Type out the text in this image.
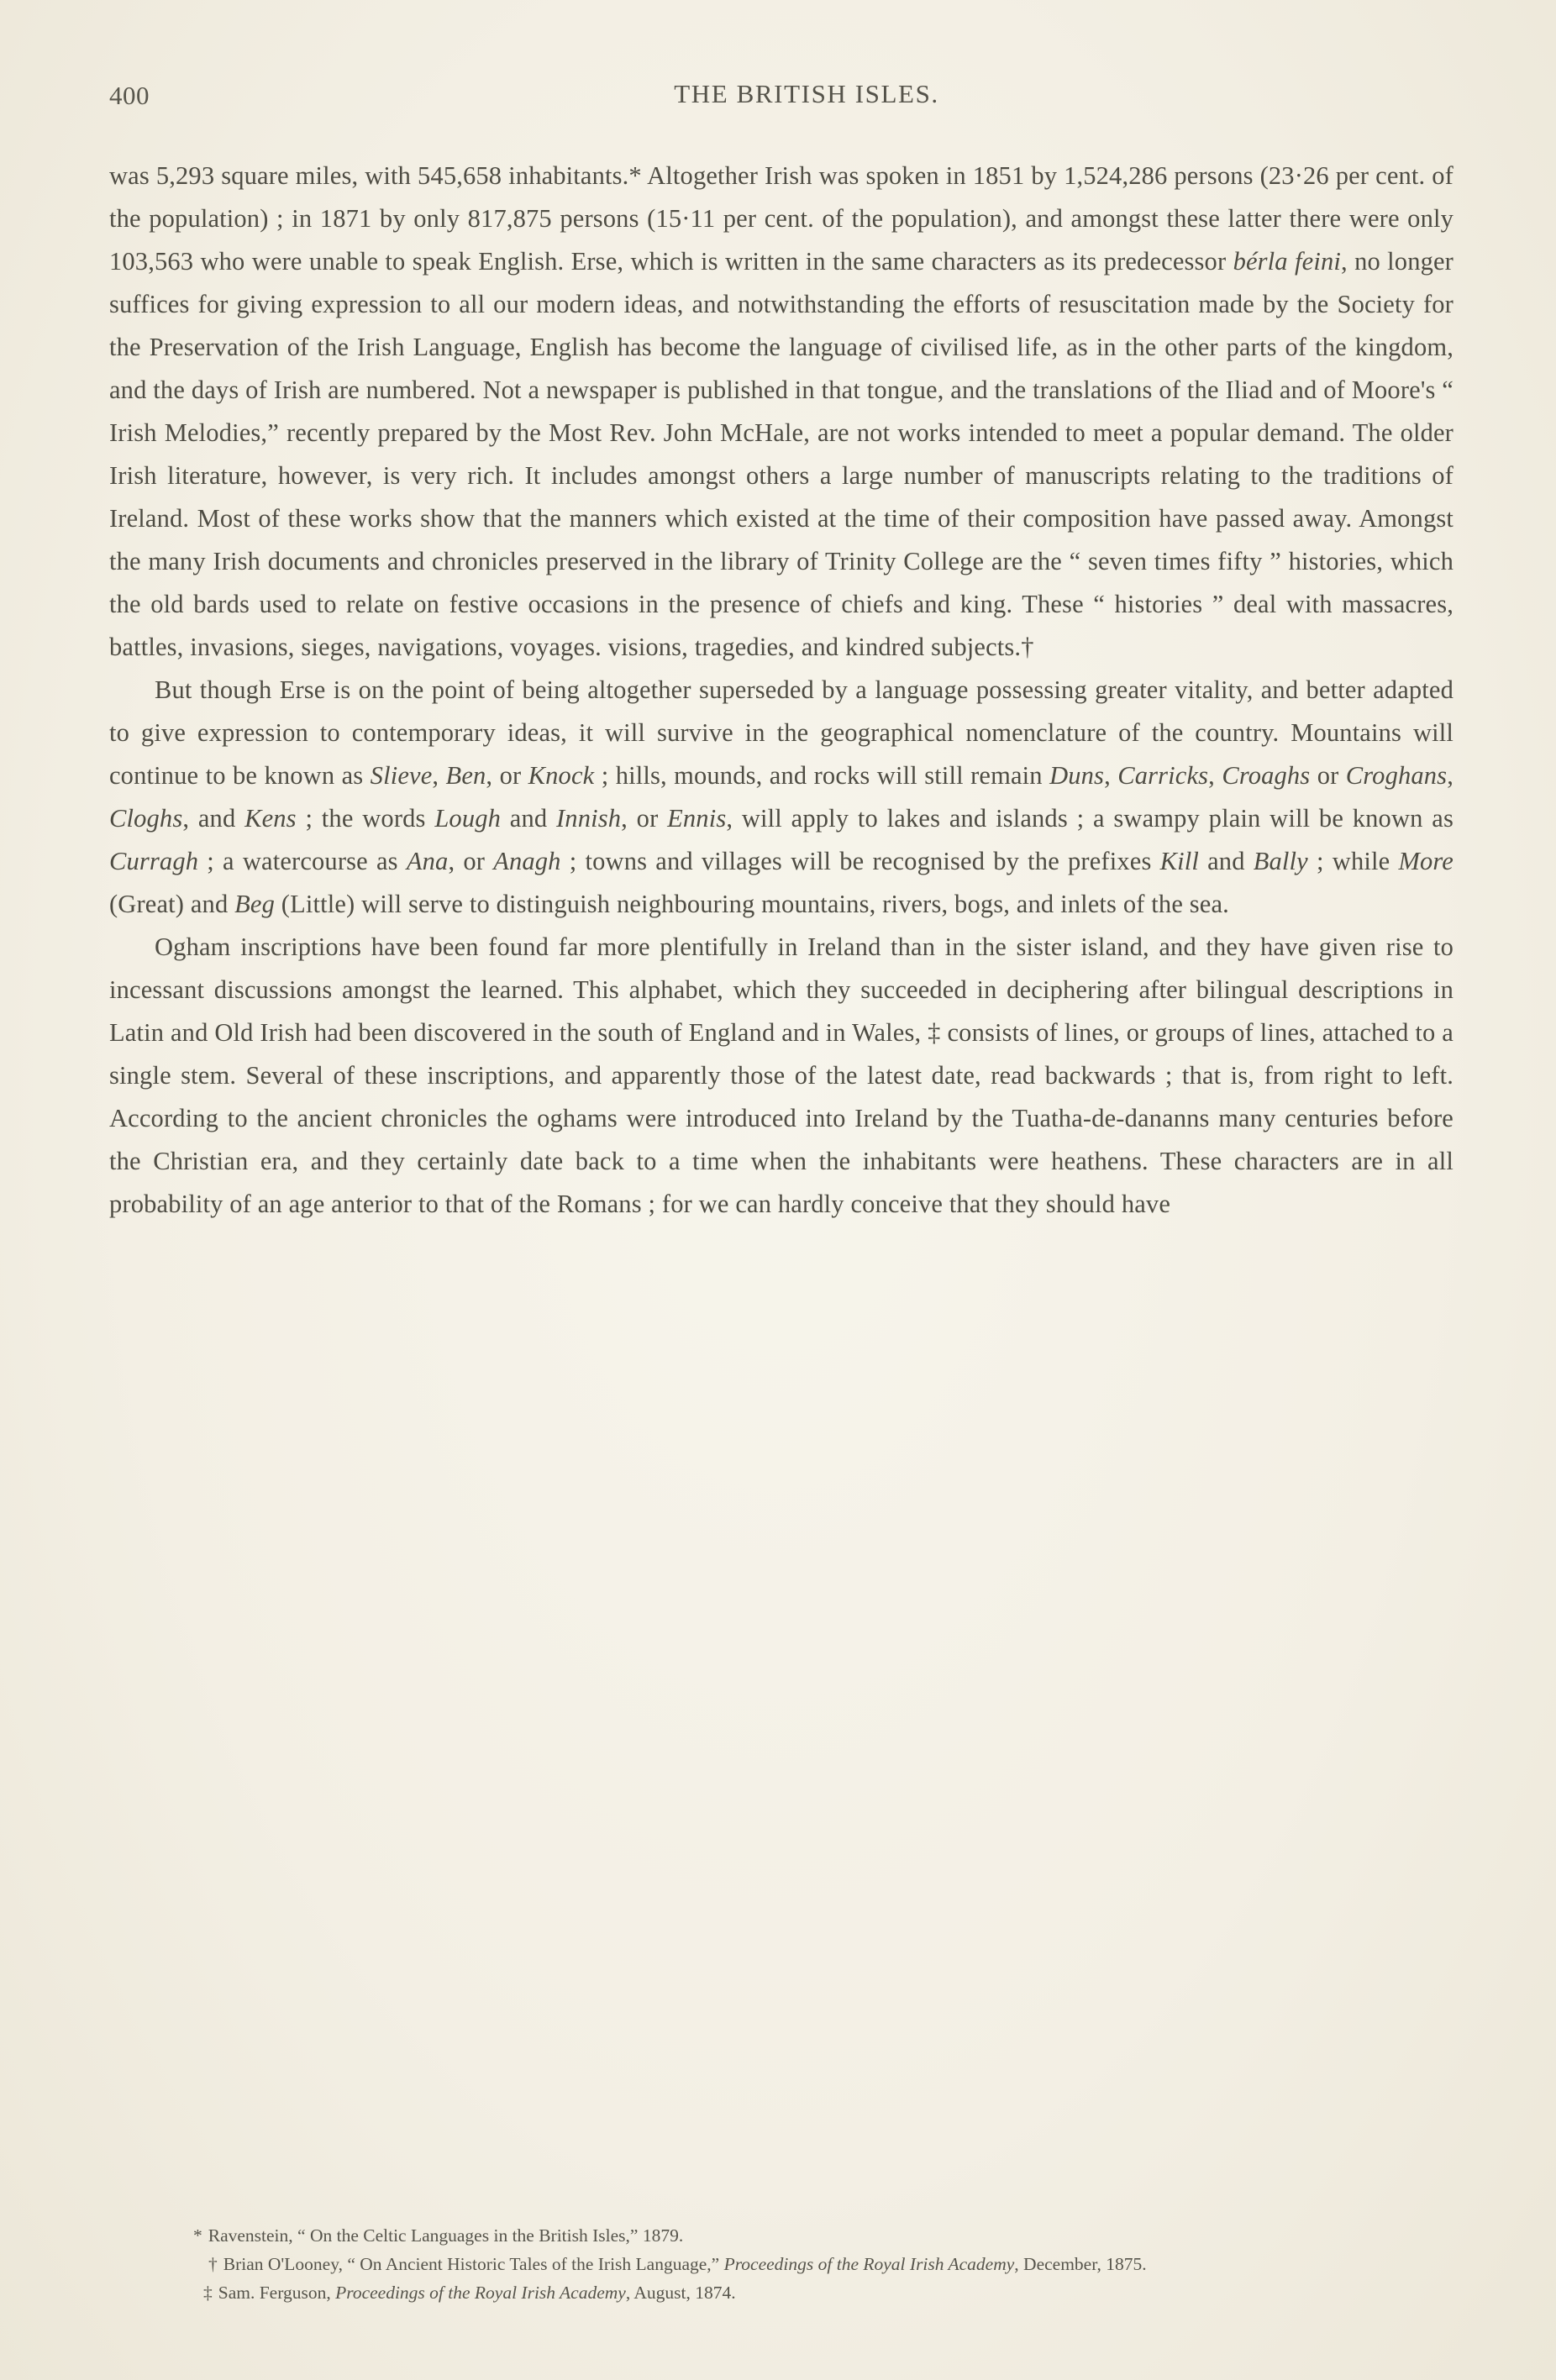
400	THE BRITISH ISLES.

was 5,293 square miles, with 545,658 inhabitants.* Altogether Irish was spoken in 1851 by 1,524,286 persons (23·26 per cent. of the population) ; in 1871 by only 817,875 persons (15·11 per cent. of the population), and amongst these latter there were only 103,563 who were unable to speak English. Erse, which is written in the same characters as its predecessor bérla feini, no longer suffices for giving expression to all our modern ideas, and notwithstanding the efforts of resuscitation made by the Society for the Preservation of the Irish Language, English has become the language of civilised life, as in the other parts of the kingdom, and the days of Irish are numbered. Not a newspaper is published in that tongue, and the translations of the Iliad and of Moore's “ Irish Melodies,” recently prepared by the Most Rev. John McHale, are not works intended to meet a popular demand. The older Irish literature, however, is very rich. It includes amongst others a large number of manuscripts relating to the traditions of Ireland. Most of these works show that the manners which existed at the time of their composition have passed away. Amongst the many Irish documents and chronicles preserved in the library of Trinity College are the “ seven times fifty ” histories, which the old bards used to relate on festive occasions in the presence of chiefs and king. These “ histories ” deal with massacres, battles, invasions, sieges, navigations, voyages. visions, tragedies, and kindred subjects.†

But though Erse is on the point of being altogether superseded by a language possessing greater vitality, and better adapted to give expression to contemporary ideas, it will survive in the geographical nomenclature of the country. Mountains will continue to be known as Slieve, Ben, or Knock ; hills, mounds, and rocks will still remain Duns, Carricks, Croaghs or Croghans, Cloghs, and Kens ; the words Lough and Innish, or Ennis, will apply to lakes and islands ; a swampy plain will be known as Curragh ; a watercourse as Ana, or Anagh ; towns and villages will be recognised by the prefixes Kill and Bally ; while More (Great) and Beg (Little) will serve to distinguish neighbouring mountains, rivers, bogs, and inlets of the sea.

Ogham inscriptions have been found far more plentifully in Ireland than in the sister island, and they have given rise to incessant discussions amongst the learned. This alphabet, which they succeeded in deciphering after bilingual descriptions in Latin and Old Irish had been discovered in the south of England and in Wales, ‡ consists of lines, or groups of lines, attached to a single stem. Several of these inscriptions, and apparently those of the latest date, read backwards ; that is, from right to left. According to the ancient chronicles the oghams were introduced into Ireland by the Tuatha-de-dananns many centuries before the Christian era, and they certainly date back to a time when the inhabitants were heathens. These characters are in all probability of an age anterior to that of the Romans ; for we can hardly conceive that they should have

* Ravenstein, “ On the Celtic Languages in the British Isles,” 1879.

† Brian O'Looney, “ On Ancient Historic Tales of the Irish Language,” Proceedings of the Royal Irish Academy, December, 1875.

‡ Sam. Ferguson, Proceedings of the Royal Irish Academy, August, 1874.
